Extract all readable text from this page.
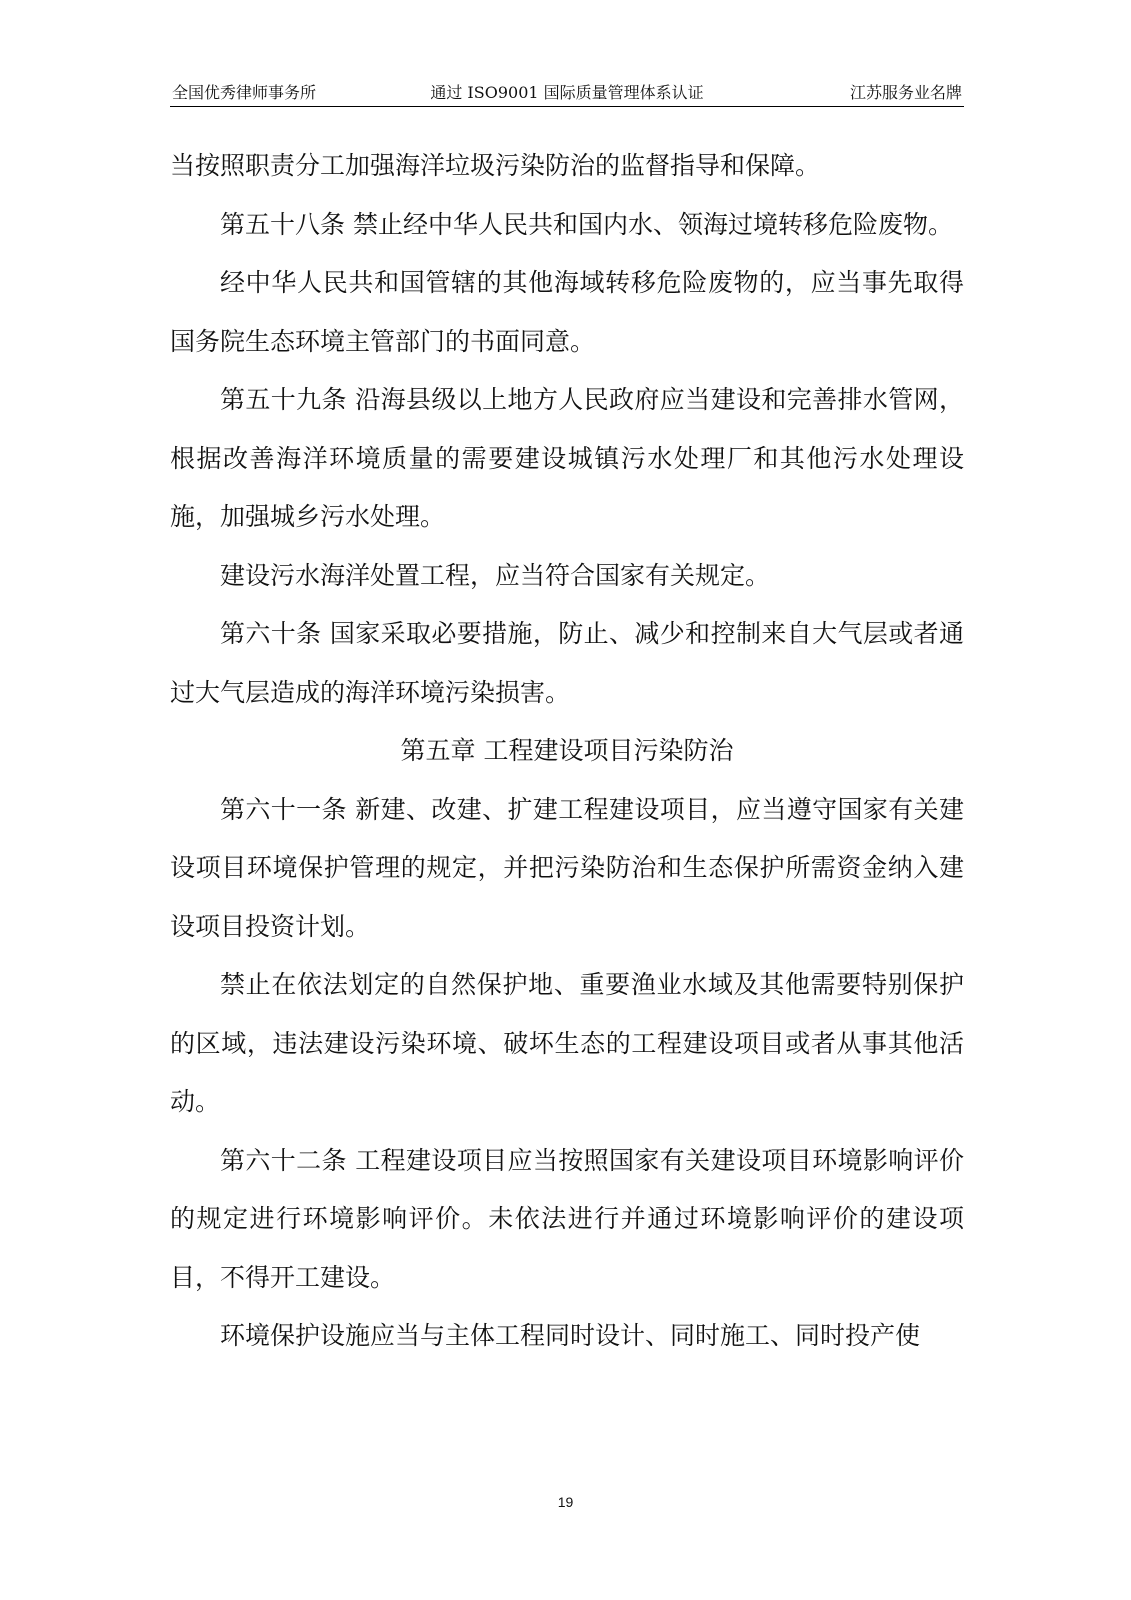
全国优秀律师事务所	通过 ISO9001 国际质量管理体系认证	江苏服务业名牌

当按照职责分工加强海洋垃圾污染防治的监督指导和保障。

第五十八条 禁止经中华人民共和国内水、领海过境转移危险废物。

经中华人民共和国管辖的其他海域转移危险废物的，应当事先取得国务院生态环境主管部门的书面同意。

第五十九条 沿海县级以上地方人民政府应当建设和完善排水管网，根据改善海洋环境质量的需要建设城镇污水处理厂和其他污水处理设施，加强城乡污水处理。

建设污水海洋处置工程，应当符合国家有关规定。

第六十条 国家采取必要措施，防止、减少和控制来自大气层或者通过大气层造成的海洋环境污染损害。

第五章 工程建设项目污染防治

第六十一条 新建、改建、扩建工程建设项目，应当遵守国家有关建设项目环境保护管理的规定，并把污染防治和生态保护所需资金纳入建设项目投资计划。

禁止在依法划定的自然保护地、重要渔业水域及其他需要特别保护的区域，违法建设污染环境、破坏生态的工程建设项目或者从事其他活动。

第六十二条 工程建设项目应当按照国家有关建设项目环境影响评价的规定进行环境影响评价。未依法进行并通过环境影响评价的建设项目，不得开工建设。

环境保护设施应当与主体工程同时设计、同时施工、同时投产使

19
